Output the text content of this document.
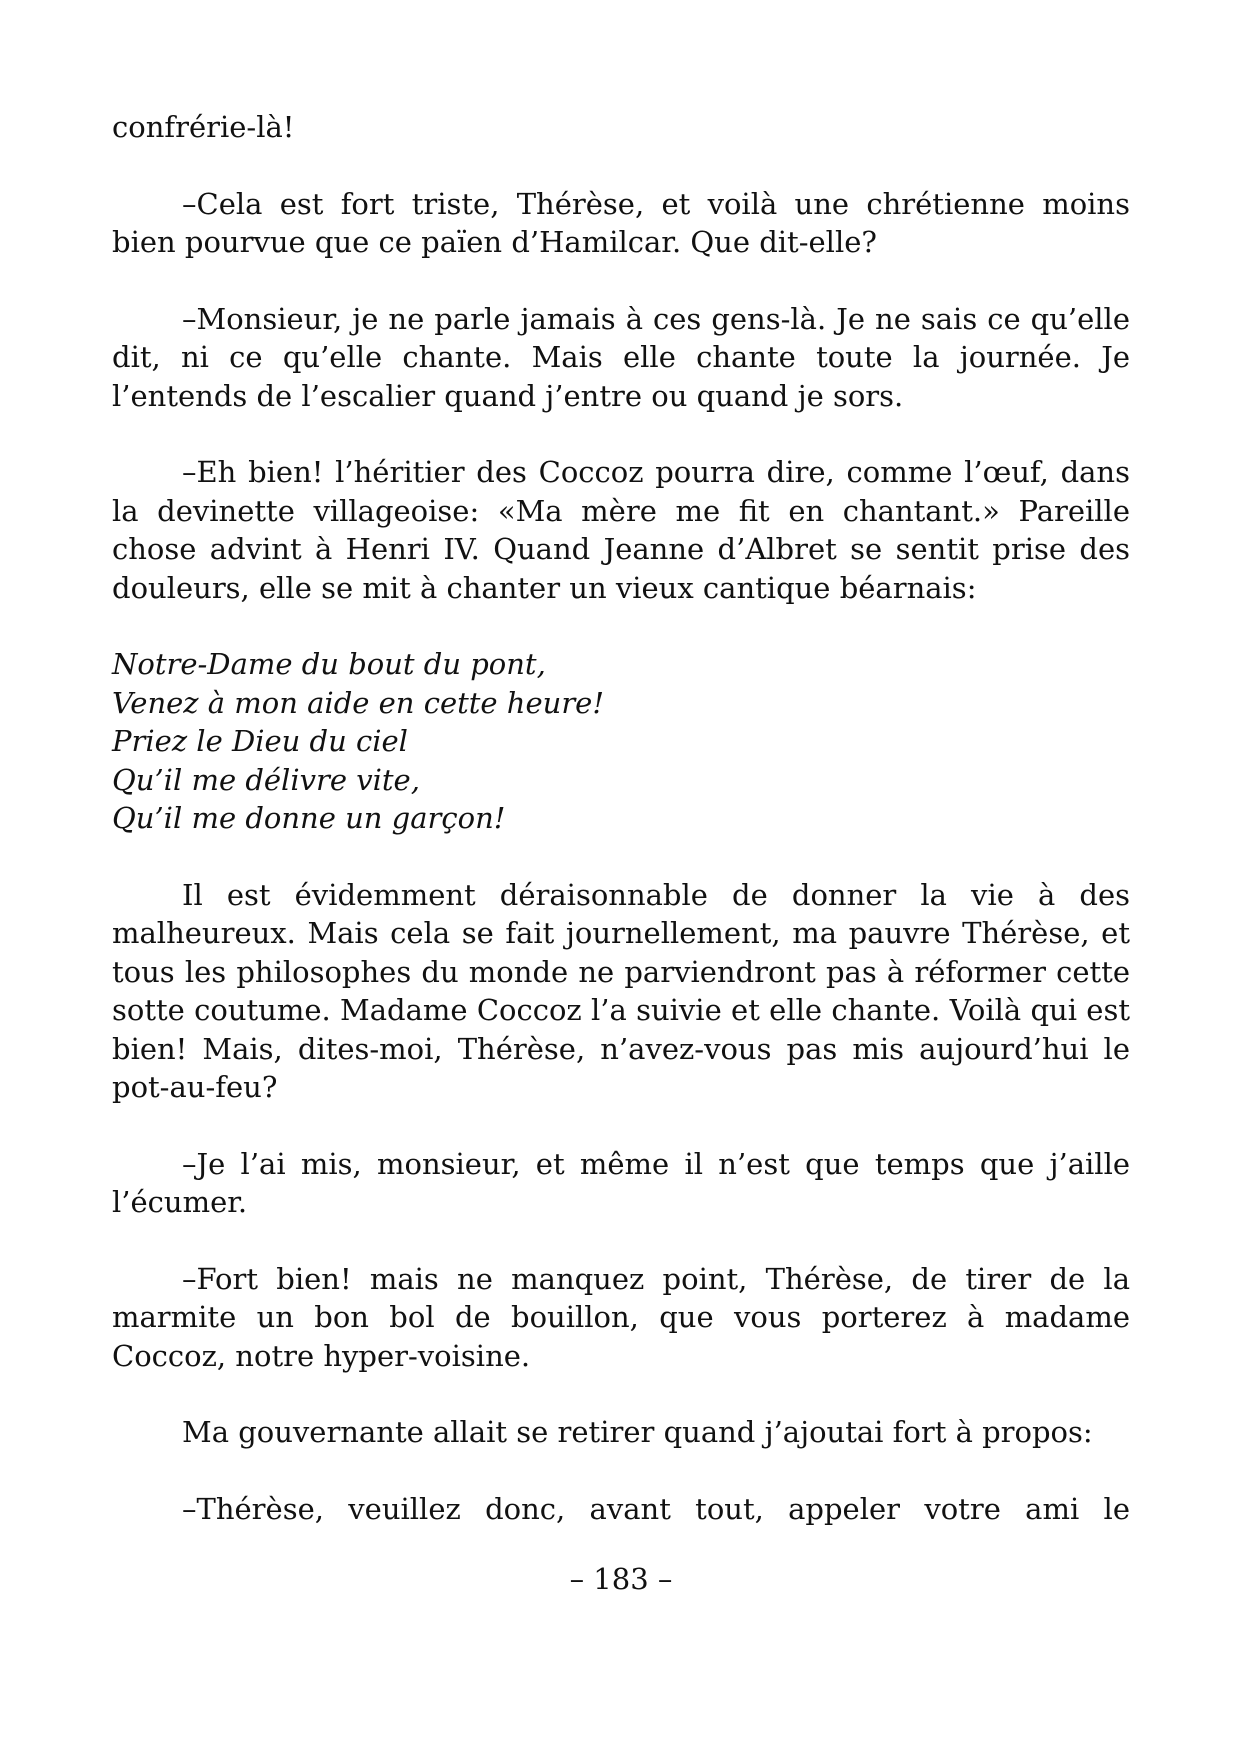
confrérie-là!

–Cela est fort triste, Thérèse, et voilà une chrétienne moins bien pourvue que ce païen d’Hamilcar. Que dit-elle?

–Monsieur, je ne parle jamais à ces gens-là. Je ne sais ce qu’elle dit, ni ce qu’elle chante. Mais elle chante toute la journée. Je l’entends de l’escalier quand j’entre ou quand je sors.

–Eh bien! l’héritier des Coccoz pourra dire, comme l’œuf, dans la devinette villageoise: «Ma mère me fit en chantant.» Pareille chose advint à Henri IV. Quand Jeanne d’Albret se sentit prise des douleurs, elle se mit à chanter un vieux cantique béarnais:

Notre-Dame du bout du pont,
Venez à mon aide en cette heure!
Priez le Dieu du ciel
Qu’il me délivre vite,
Qu’il me donne un garçon!

Il est évidemment déraisonnable de donner la vie à des malheureux. Mais cela se fait journellement, ma pauvre Thérèse, et tous les philosophes du monde ne parviendront pas à réformer cette sotte coutume. Madame Coccoz l’a suivie et elle chante. Voilà qui est bien! Mais, dites-moi, Thérèse, n’avez-vous pas mis aujourd’hui le pot-au-feu?

–Je l’ai mis, monsieur, et même il n’est que temps que j’aille l’écumer.

–Fort bien! mais ne manquez point, Thérèse, de tirer de la marmite un bon bol de bouillon, que vous porterez à madame Coccoz, notre hyper-voisine.

Ma gouvernante allait se retirer quand j’ajoutai fort à propos:

–Thérèse, veuillez donc, avant tout, appeler votre ami le

– 183 –
